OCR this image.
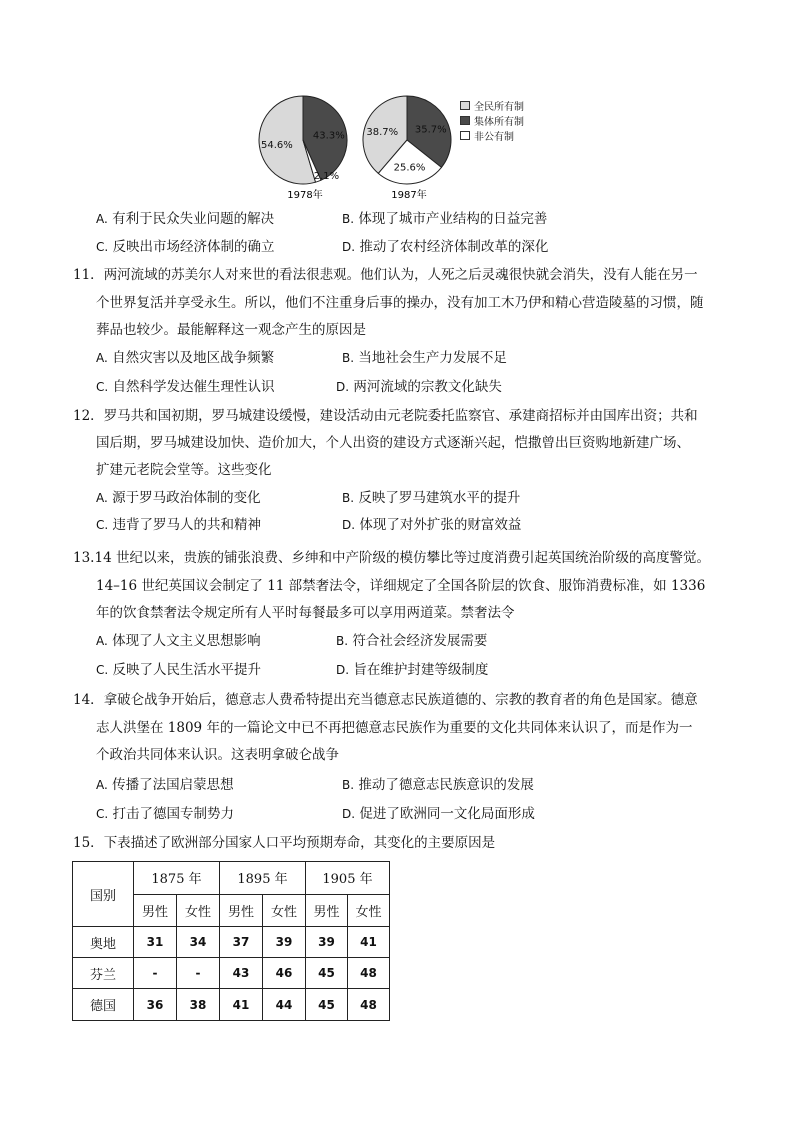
54.6%
43.3%
2.1%
1978年
38.7% 35.7%
25.6%
1987年
全民所有制
集体所有制
非公有制
A. 有利于民众失业问题的解决	B. 体现了城市产业结构的日益完善
C. 反映出市场经济体制的确立	D. 推动了农村经济体制改革的深化
11．两河流域的苏美尔人对来世的看法很悲观。他们认为，人死之后灵魂很快就会消失，没有人能在另一
个世界复活并享受永生。所以，他们不注重身后事的操办，没有加工木乃伊和精心营造陵墓的习惯，随
葬品也较少。最能解释这一观念产生的原因是
A. 自然灾害以及地区战争频繁	B. 当地社会生产力发展不足
C. 自然科学发达催生理性认识	D. 两河流域的宗教文化缺失
12．罗马共和国初期，罗马城建设缓慢，建设活动由元老院委托监察官、承建商招标并由国库出资；共和
国后期，罗马城建设加快、造价加大，个人出资的建设方式逐渐兴起，恺撒曾出巨资购地新建广场、
扩建元老院会堂等。这些变化
A. 源于罗马政治体制的变化	B. 反映了罗马建筑水平的提升
C. 违背了罗马人的共和精神	D. 体现了对外扩张的财富效益
13.14 世纪以来，贵族的铺张浪费、乡绅和中产阶级的模仿攀比等过度消费引起英国统治阶级的高度警觉。
14–16 世纪英国议会制定了 11 部禁奢法令，详细规定了全国各阶层的饮食、服饰消费标准，如 1336
年的饮食禁奢法令规定所有人平时每餐最多可以享用两道菜。禁奢法令
A. 体现了人文主义思想影响	B. 符合社会经济发展需要
C. 反映了人民生活水平提升	D. 旨在维护封建等级制度
14．拿破仑战争开始后，德意志人费希特提出充当德意志民族道德的、宗教的教育者的角色是国家。德意
志人洪堡在 1809 年的一篇论文中已不再把德意志民族作为重要的文化共同体来认识了，而是作为一
个政治共同体来认识。这表明拿破仑战争
A. 传播了法国启蒙思想	B. 推动了德意志民族意识的发展
C. 打击了德国专制势力	D. 促进了欧洲同一文化局面形成
15．下表描述了欧洲部分国家人口平均预期寿命，其变化的主要原因是
国别	1875 年		1895 年		1905 年	
	男性	女性	男性	女性	男性	女性
奥地	31	34	37	39	39	41
芬兰	-	-	43	46	45	48
德国	36	38	41	44	45	48
